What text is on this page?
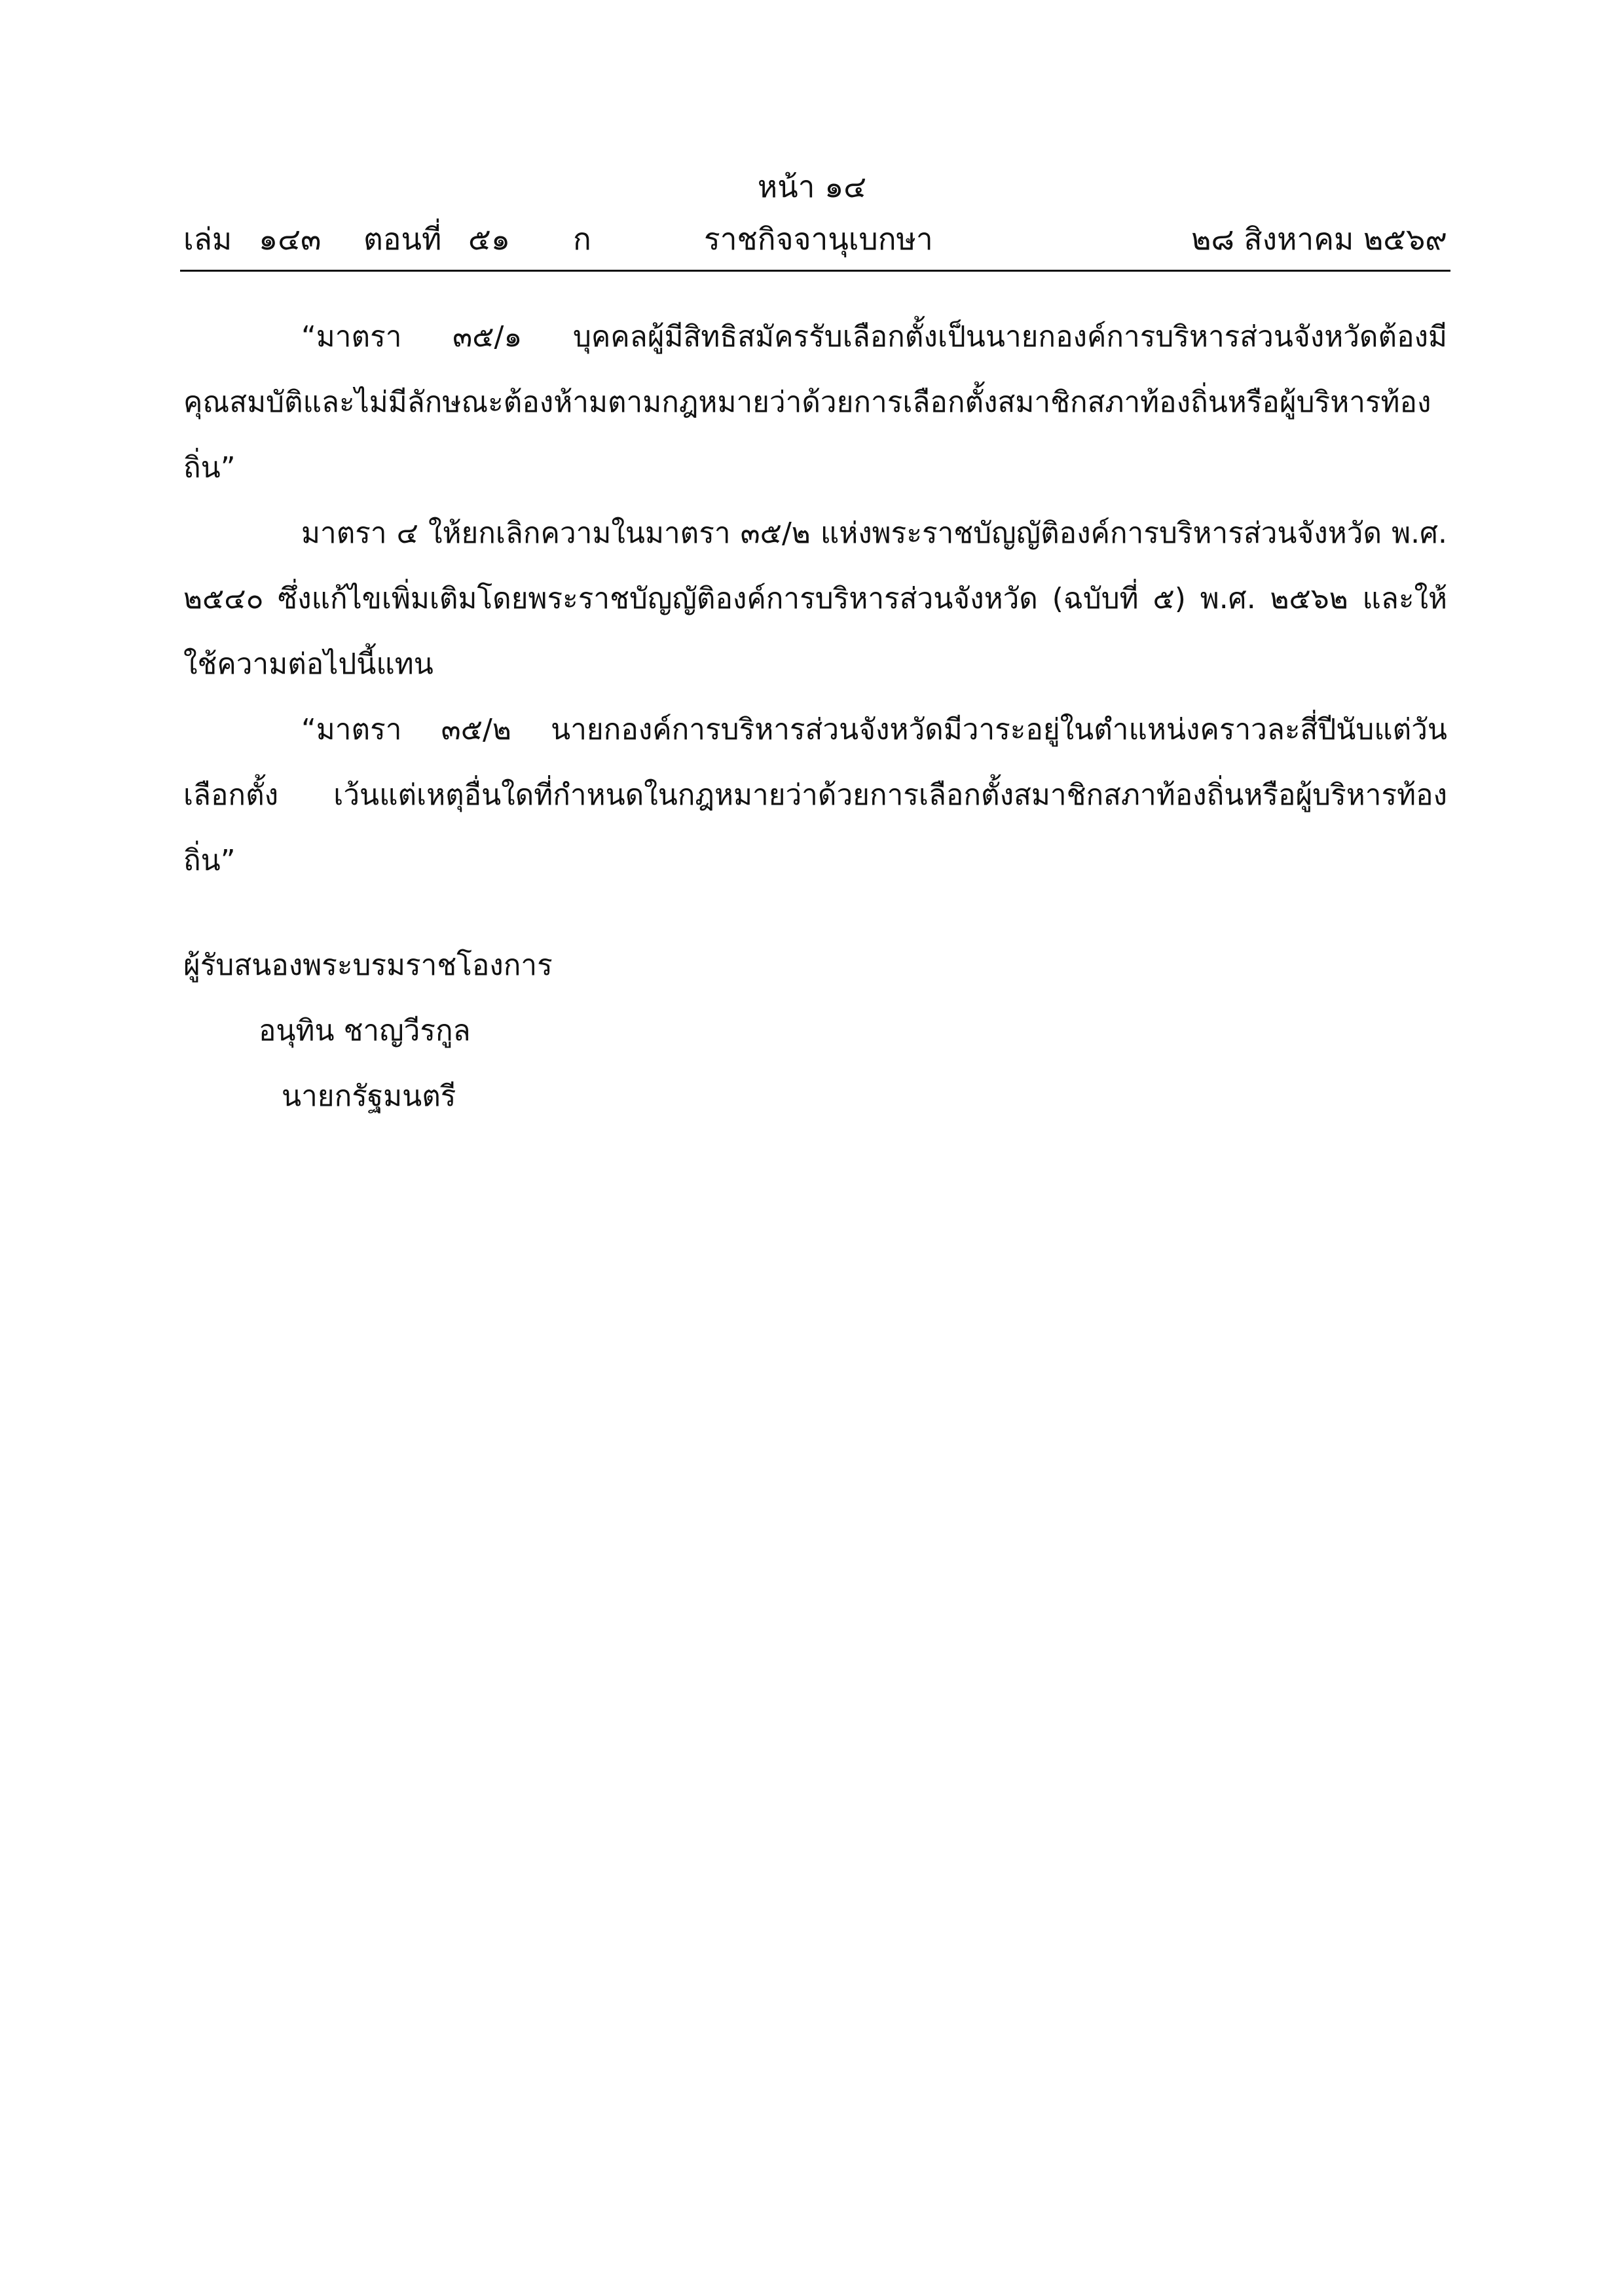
หน้า ๑๔
เล่ม ๑๔๓ ตอนที่ ๕๑ ก	ราชกิจจานุเบกษา	๒๘ สิงหาคม ๒๕๖๙

“มาตรา ๓๕/๑ บุคคลผู้มีสิทธิสมัครรับเลือกตั้งเป็นนายกองค์การบริหารส่วนจังหวัดต้องมีคุณสมบัติและไม่มีลักษณะต้องห้ามตามกฎหมายว่าด้วยการเลือกตั้งสมาชิกสภาท้องถิ่นหรือผู้บริหารท้องถิ่น”

มาตรา ๔ ให้ยกเลิกความในมาตรา ๓๕/๒ แห่งพระราชบัญญัติองค์การบริหารส่วนจังหวัด พ.ศ. ๒๕๔๐ ซึ่งแก้ไขเพิ่มเติมโดยพระราชบัญญัติองค์การบริหารส่วนจังหวัด (ฉบับที่ ๕) พ.ศ. ๒๕๖๒ และให้ใช้ความต่อไปนี้แทน

“มาตรา ๓๕/๒ นายกองค์การบริหารส่วนจังหวัดมีวาระอยู่ในตำแหน่งคราวละสี่ปีนับแต่วันเลือกตั้ง เว้นแต่เหตุอื่นใดที่กำหนดในกฎหมายว่าด้วยการเลือกตั้งสมาชิกสภาท้องถิ่นหรือผู้บริหารท้องถิ่น”

ผู้รับสนองพระบรมราชโองการ
อนุทิน ชาญวีรกูล
นายกรัฐมนตรี
